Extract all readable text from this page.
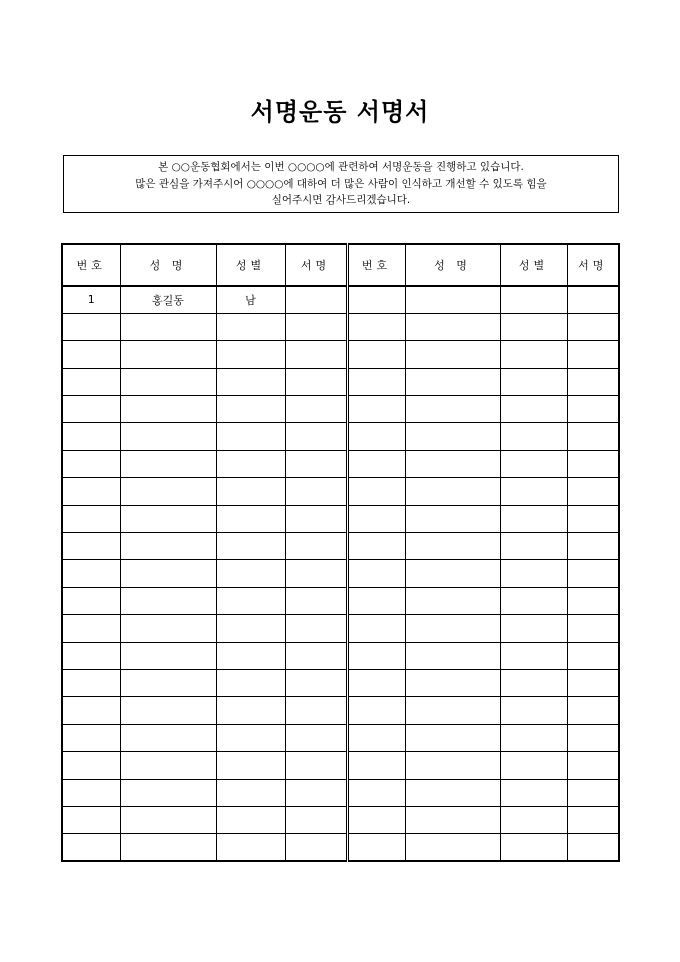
서명운동 서명서
본 ○○운동협회에서는 이번 ○○○○에 관련하여 서명운동을 진행하고 있습니다.
많은 관심을 가져주시어 ○○○○에 대하여 더 많은 사람이 인식하고 개선할 수 있도록 힘을
실어주시면 감사드리겠습니다.
번호	성 명	성별	서명	번호	성 명	성별	서명
1	홍길동	남					
